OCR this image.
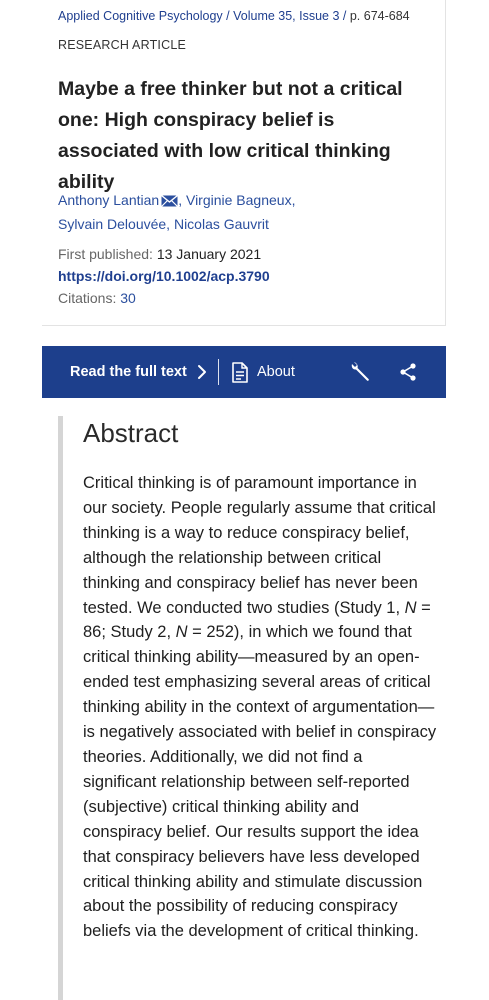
Applied Cognitive Psychology / Volume 35, Issue 3 / p. 674-684
RESEARCH ARTICLE
Maybe a free thinker but not a critical one: High conspiracy belief is associated with low critical thinking ability
Anthony Lantian , Virginie Bagneux,
Sylvain Delouvée, Nicolas Gauvrit
First published: 13 January 2021
https://doi.org/10.1002/acp.3790
Citations: 30
Read the full text	About
Abstract
Critical thinking is of paramount importance in our society. People regularly assume that critical thinking is a way to reduce conspiracy belief, although the relationship between critical thinking and conspiracy belief has never been tested. We conducted two studies (Study 1, N = 86; Study 2, N = 252), in which we found that critical thinking ability—measured by an open-ended test emphasizing several areas of critical thinking ability in the context of argumentation—is negatively associated with belief in conspiracy theories. Additionally, we did not find a significant relationship between self-reported (subjective) critical thinking ability and conspiracy belief. Our results support the idea that conspiracy believers have less developed critical thinking ability and stimulate discussion about the possibility of reducing conspiracy beliefs via the development of critical thinking.
